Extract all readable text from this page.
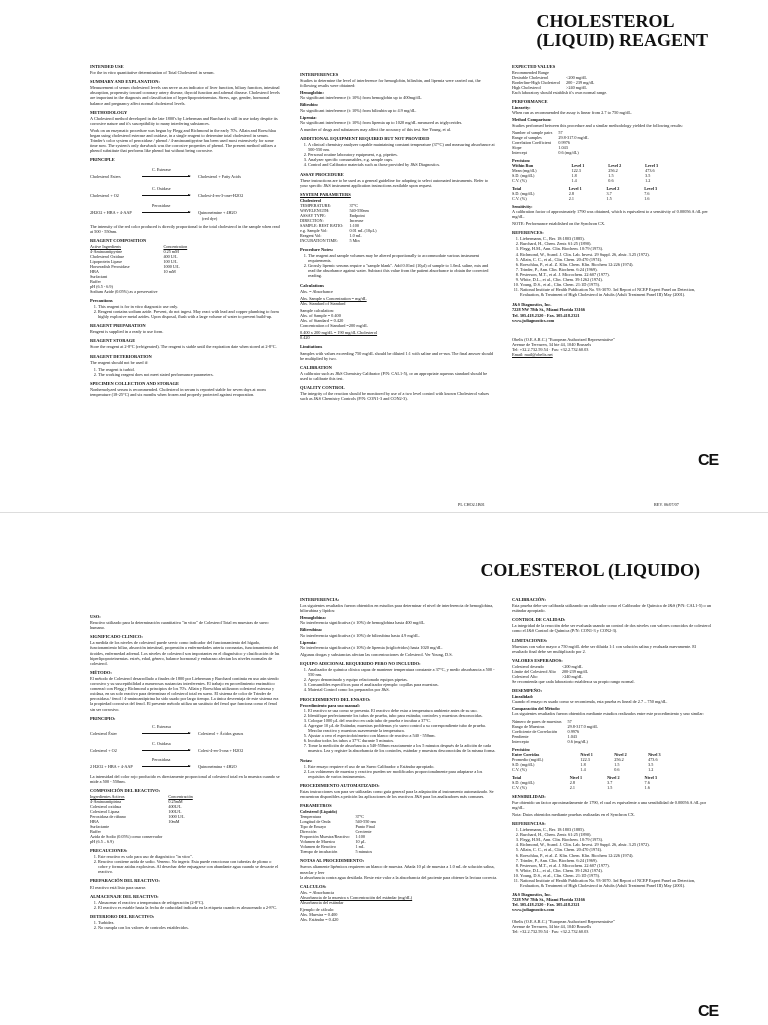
CHOLESTEROL
(LIQUID) REAGENT
INTENDED USE

For the in vitro quantitative determination of Total Cholesterol in serum.

SUMMARY AND EXPLANATION:

Measurement of serum cholesterol levels can serve as an indicator of liver function, biliary function, intestinal absorption, propensity toward coronary artery disease, thyroid function and adrenal disease. Cholesterol levels are important in the diagnosis and classification of hyperlipoproteinemias. Stress, age, gender, hormonal balance and pregnancy affect normal cholesterol levels.

METHODOLOGY

A Cholesterol method developed in the late 1800's by Lieberman and Burchard is still in use today despite its corrosive nature and it's susceptibility to many interfering substances.

Work on an enzymatic procedure was begun by Flegg and Richmond in the early 70's. Allain and Roeschlau began using cholesterol esterase and oxidase, in a single reagent to determine total cholesterol in serum. Trinder's color system of peroxidase / phenol / 4-aminoantipyrine has been used most extensively for some time now. The system's only drawback was the corrosive properties of phenol. The present method utilizes a phenol substitute that performs like phenol but without being corrosive.

PRINCIPLE
C. Esterase
Cholesterol Esters	Cholesterol + Fatty Acids
C. Oxidase
Cholesterol + O2	Cholest-4-en-3-one+H2O2
Peroxidase
2H2O2 + HBA + 4-AAP	Quinoneimine + 4H2O
(red dye)

The intensity of the red color produced is directly proportional to the total cholesterol in the sample when read at 500 - 550nm.

REAGENT COMPOSITION
Active Ingredients	Concentration
4-Aminoantipyrine	0.25 mM
Cholesterol Oxidase	400 U/L
Lipoprotein Lipase	100 U/L
Horseradish Peroxidase	1000 U/L
HBA	10 mM
Surfactant	
Buffer	
pH (6.5 - 6.9)	
Sodium Azide (0.05%) as a preservative	
Precautions
1. This reagent is for in vitro diagnostic use only.
2. Reagent contains sodium azide. Prevent, do not ingest. May react with lead and copper plumbing to form highly explosive metal azides. Upon disposal, flush with a large volume of water to prevent build-up.
REAGENT PREPARATION

Reagent is supplied in a ready to use form.

REAGENT STORAGE

Store the reagent at 2-8°C (refrigerated). The reagent is stable until the expiration date when stored at 2-8°C.

REAGENT DETERIORATION

The reagent should not be used if:

1. The reagent is turbid.
2. The working reagent does not meet stated performance parameters.
SPECIMEN COLLECTION AND STORAGE

Nonhemolyzed serum is recommended. Cholesterol in serum is reported stable for seven days at room temperature (18-25°C) and six months when frozen and properly protected against evaporation.

INTERFERENCES

Studies to determine the level of interference for hemoglobin, bilirubin, and lipemia were carried out, the following results were obtained:

Hemoglobin:

No significant interference (± 10%) from hemoglobin up to 400mg/dL.

Bilirubin:

No significant interference (± 10%) from bilirubin up to 4.9 mg/dL.

Lipemia:

No significant interference (± 10%) from lipemia up to 1020 mg/dL measured as triglycerides.

A number of drugs and substances may affect the accuracy of this test. See Young, et al.

ADDITIONAL EQUIPMENT REQUIRED BUT NOT PROVIDED
1. A clinical chemistry analyzer capable maintaining constant temperature (37°C) and measuring absorbance at 500-550 nm.
2. Personal routine laboratory equipment, e.g. pipettes.
3. Analyzer specific consumables, e.g. sample cups.
4. Control and Calibrator materials such as those provided by J&S Diagnostics.
ASSAY PROCEDURE

These instructions are to be used as a general guideline for adapting to select automated instruments. Refer to your specific J&S instrument application instructions available upon request.

SYSTEM PARAMETERS

Cholesterol

TEMPERATURE:	37°C
WAVELENGTH:	540-550nm
ASSAY TYPE:	Endpoint
DIRECTION:	Increase
SAMPLE: REST RATIO:	1:100
e.g. Sample Vol:	0.01 mL (10µL)
Reagent Vol:	1.0 mL
INCUBATION TIME:	5 Min
Procedure Notes:
1. The reagent and sample volumes may be altered proportionally to accommodate various instrument requirements.
2. Grossly lipemic serums require a "sample blank". Add 0.01ml (10µl) of sample to 1.0mL saline, mix and read the absorbance against water. Subtract this value from the patient absorbance to obtain the corrected reading.
Calculations

Abs. = Absorbance

Abs. Sample x Concentration = mg/dL

Abs. Standard of Standard

Sample calculation:

Abs. of Sample = 0.400

Abs. of Standard = 0.420

Concentration of Standard =200 mg/dL

0.400 x 200 mg/dL = 190 mg/dL Cholesterol

0.420

Limitations

Samples with values exceeding 750 mg/dL should be diluted 1:1 with saline and re-run. The final answer should be multiplied by two.

CALIBRATION

A calibrator such as J&S Chemistry Calibrator (P/N: CAL1-5), or an appropriate aqueous standard should be used to calibrate this test.

QUALITY CONTROL

The integrity of the reaction should be monitored by use of a two level control with known Cholesterol values such as J&S Chemistry Controls (P/N: CON1-3 and CON2-3).

EXPECTED VALUES
Recommended Range	
Desirable Cholesterol	<200 mg/dL
Borderline-High Cholesterol	200 - 239 mg/dL
High Cholesterol	>240 mg/dL

Each laboratory should establish it's own normal range.

PERFORMANCE

Linearity:

When run as recommended the assay is linear from 2.7 to 750 mg/dL.

Method Comparison:

Studies performed between this procedure and a similar methodology yielded the following results:

Number of sample pairs	57
Range of samples	29.8-317.0 mg/dL
Correlation Coefficient	0.9976
Slope	1.043
Intercept	0.6 (mg/dL)

Precision:

Within Run	Level 1	Level 2	Level 3
Mean (mg/dL)	122.3	256.2	473.6
S.D. (mg/dL)	1.8	1.5	3.5
C.V. (%)	1.4	0.6	1.2
Total	Level 1	Level 2	Level 3
S.D. (mg/dL)	2.8	3.7	7.6
C.V. (%)	2.1	1.5	1.6

Sensitivity:

A calibration factor of approximately 1790 was obtained, which is equivalent to a sensitivity of 0.00056 A /dL per mg/dL.

NOTE: Performance established on the Synchron CX.

REFERENCES:
1. Liebermann, C., Ber. 18:1803 (1885).
2. Burchard, H., Chem. Zentr. 61:25 (1890).
3. Flegg, H.M., Ann. Clin. Biochem. 10:79 (1973).
4. Richmond, W., Scand. J. Clin. Lab. Invest. 29 Suppl. 26, abstr. 3.25 (1972).
5. Allain, C. C., et al., Clin. Chem. 20:470 (1974).
6. Roeschlau, P., et al. Z. Klin. Chem. Klin. Biochem 12:226 (1974).
7. Trinder, P., Ann. Clin. Biochem. 6:24 (1969).
8. Pesterson, M.T., et al. J. Microchem. 22:607 (1977).
9. White, D.L., et al., Clin. Chem. 39:1262 (1974).
10. Young, D.S., et al., Clin. Chem. 21:1D (1975).
11. National Institute of Health Publication No. 93-3070. 3rd Report of NCEP Expert Panel on Detection, Evaluation, & Treatment of High Cholesterol in Adults (Adult Treatment Panel III) May (2001).
J&S Diagnostics, Inc.
7228 NW 78th St., Miami Florida 33166
Tel. 305.418.2320 · Fax. 305.418.2321
www.jsdiagnostics.com
Obelis (O.E.A.R.C.) "European Authorized Representative"
Avenue de Tervuren, 34 bte 44, 1040 Brussels
Tel: +32.2.732.59.54 · Fax: +32.2.732.60.03
Email: mail@obelis.net
CE
PL CHO2.1B01	REV. 06/07/07
COLESTEROL (LIQUIDO)
USO:

Reactivo utilizado para la determinación cuantitativa "in vitro" de Colesterol Total en muestras de suero humano.

SIGNIFICADO CLINICO:

La medida de los niveles de colesterol puede servir como indicador del funcionamiento del hígado, funcionamiento biliar, absorción intestinal, propensión a enfermedades arteria coronarias, funcionamiento del tiroides, enfermedad adrenal. Los niveles de colesterol son importantes en el diagnóstico y clasificación de las hiperlipoproteinemias. estrés, edad, género, balance hormonal y embarazo afectan los niveles normales de colesterol.

MÉTODO:

El método de Colesterol desarrollado a finales de 1800 por Lieberman y Burchard continúa en uso aún siendo corrosivo y su susceptibilidad a numerosas sustancias interferentes. El trabajo en procedimiento enzimático comenzó con Flegg y Richmond a principios de los 70's. Allain y Roeschlau utilizaron colesterol esterasa y oxidasa, en un solo reactivo para determinar el colesterol total en suero. El sistema de color de Trinder de peroxidasa / fenol / 4-aminoantipirina ha sido usado por largo tiempo. La única desventaja de este sistema era la propiedad corrosiva del fenol. El presente método utiliza un sustituto del fenol que funciona como el fenol sin ser corrosivo.

PRINCIPIO:
C. Esterasa
Colesterol Éster	Colesterol + Ácidos grasos
C. Oxidasa
Colesterol + O2	Colest-4-en-3-ona + H2O2
Peroxidasa
2 H2O2 + HBA + 4-AAP	Quinoneimina + 4H2O

La intensidad del color rojo producido es directamente proporcional al colesterol total en la muestra cuando se mide a 500 - 550nm.

COMPOSICIÓN DEL REACTIVO:
Ingredientes Activos	Concentración
4-Aminoantipirina	0.25mM
Colesterol oxidasa	400U/L
Colesterol Lipasa	100U/L
Peroxidasa de rábano	1000 U/L
HBA	10mM
Surfactante	
Buffer	
Azida de Sodio (0.05%) como conservador	
pH (6.5 – 6.9)	
PRECAUCIONES:
1. Este reactivo es solo para uso de diagnóstico "in vitro".
2. Reactivo contiene azida de sodio. Veneno. No ingerir. Esta puede reaccionar con tuberías de plomo o cobre y formar azidas explosivas. Al desechar debe enjuagarse con abundante agua cuando se descarte el reactivo.
PREPARACIÓN DEL REACTIVO:

El reactivo está listo para usarse.

ALMACENAJE DEL REACTIVO:
1. Almacenar el reactivo a temperatura de refrigeración (2-8°C).
2. El reactivo es estable hasta la fecha de caducidad indicada en la etiqueta cuando es almacenado a 2-8°C.
DETERIORO DEL REACTIVO:
1. Turbidez.
2. No cumpla con los valores de controles establecidos.
INTERFERENCIA:

Los siguientes resultados fueron obtenidos en estudios para determinar el nivel de interferencia de hemoglobina, bilirrubina y lípidos:

Hemoglobina:

No interferencia significativa (± 10%) de hemoglobina hasta 400 mg/dL.

Bilirrubina:

No interferencia significativa (± 10%) de bilirrubina hasta 4.9 mg/dL.

Lipemia:

No interferencia significativa (± 10%) de lipemia (triglicéridos) hasta 1020 mg/dL.

Algunas drogas y substancias afectan las concentraciones de Colesterol. Ver Young, D.S.

EQUIPO ADICIONAL REQUERIDO PERO NO INCLUIDO:
1. Analizador de química clínica capaz de mantener temperatura constante a 37°C, y medir absorbancia a 500 - 550 nm.
2. Apoyo denominado y equipo relacionado equipos pipetas.
3. Consumibles específicos para el analizador ejemplo: copillas para muestras.
4. Material Control como los preparados por J&S.
PROCEDIMIENTO DEL ENSAYO:

Procedimiento para uso manual:

1. El reactivo se usa como se presenta. El reactivo debe estar a temperatura ambiente antes de su uso.
2. Identifique perfectamente los tubos de prueba, tubo para estándar, controles y muestras desconocidas.
3. Coloque 1000 µL del reactivo en cada tubo de prueba e incubar a 37°C.
4. Agregue 10 µL de Estándar, muestras problemas y/o suero control a su correspondiente tubo de prueba. Mezclar reactivo y muestras suavemente la temperatura.
5. Ajustar a cero el espectrofotómetro con blanco de reactivo a 540 - 550nm.
6. Incubar todos los tubos a 37°C durante 5 minutos.
7. Tome la medición de absorbancia a 540-550nm exactamente a los 5 minutos después de la adición de cada muestra. Lea y registre la absorbancia de los controles, estándar y muestras desconocidas de la misma forma.
Notas:
1. Este ensayo requiere el uso de un Suero Calibrador o Estándar apropiado.
2. Los volúmenes de muestra y reactivo pueden ser modificados proporcionalmente para adaptarse a los requisitos de varios instrumentos.
PROCEDIMIENTO AUTOMATIZADO:

Estas instrucciones son para ser utilizadas como guía general para la adaptación al instrumento automatizado. Se encuentran disponibles a petición las aplicaciones de los reactivos J&S para los analizadores más comunes.

PARAMETROS

Colesterol (Liquido)

Temperatura	37°C
Longitud de Onda	540-550 nm
Tipo de Ensayo	Punto Final
Dirección	Creciente
Proporción Muestra/Reactivo	1:100
Volumen de Muestra	10 µL
Volumen de Reactivo	1 mL
Tiempo de incubación	5 minutos
NOTAS AL PROCEDIMIENTO:

Sueros altamente lipémicos requieren un blanco de muestra. Añada 10 µl de muestra a 1.0 mL de solución salina, mezclar y leer

la absorbancia contra agua destilada. Reste este valor a la absorbancia del paciente para obtener la lectura correcta.

CALCULOS:

Abs. = Absorbancia

Absorbancia de la muestra x Concentración del estándar (mg/dL)

Absorbancia del estándar

Ejemplo de cálculo:

Abs. Muestra = 0.400

Abs. Estándar = 0.420

CALIBRACIÓN:

Esta prueba debe ser calibrada utilizando un calibrador como el Calibrador de Química de J&S (P/N: CAL1-5) o un estándar apropiado.

CONTROL DE CALIDAD:

La integridad de la reacción debe ser evaluada usando un control de dos niveles con valores conocidos de colesterol como el J&S Control de Química (P/N: CON1-3 y CON2-3).

LIMITACIONES:

Muestras con valor mayor a 750 mg/dL debe ser diluida 1:1 con solución salina y evaluada nuevamente. El resultado final debe ser multiplicado por 2.

VALORES ESPERADOS:
Colesterol deseado	<200 mg/dL
Límite del Colesterol Alto	200-239 mg/dL
Colesterol Alto	>240 mg/dL

Se recomienda que cada laboratorio establezca su propio rango normal.

DESEMPEÑO:

Linealidad:

Cuando el ensayo es usado como se recomienda, esta prueba es lineal de 2.7 – 750 mg/dL.

Comparación del Método:

Los siguientes resultados fueron obtenidos mediante estudios realizados entre este procedimiento y uno similar:

Número de pares de muestras	57
Rango de Muestras	29.8-317.0 mg/dL
Coeficiente de Correlación	0.9976
Pendiente	1.043
Intercepto	0.6 (mg/dL)

Precisión:

Entre Corridas	Nivel 1	Nivel 2	Nivel 3
Promedio (mg/dL)	122.3	256.2	473.6
S.D. (mg/dL)	1.8	1.5	3.5
C.V. (%)	1.4	0.6	1.2
Total	Nivel 1	Nivel 2	Nivel 3
S.D. (mg/dL)	2.8	3.7	7.6
C.V. (%)	2.1	1.5	1.6
SENSIBILIDAD:

Fue obtenido un factor aproximadamente de 1790, el cual es equivalente a una sensibilidad de 0.00056 A /dL por mg/dL.

Nota: Datos obtenidos mediante pruebas realizadas en el Synchron CX.

REFERENCIAS:
1. Liebermann, C., Ber. 18:1803 (1885).
2. Burchard, H., Chem. Zentr. 61:25 (1890).
3. Flegg, H.M., Ann. Clin. Biochem. 10:79 (1973).
4. Richmond, W., Scand. J. Clin. Lab. Invest. 29 Suppl. 26, abstr. 3.25 (1972).
5. Allain, C. C., et al., Clin. Chem. 20:470 (1974).
6. Roeschlau, P., et al. Z. Klin. Chem. Klin. Biochem 12:226 (1974).
7. Trinder, P., Ann. Clin. Biochem. 6:24 (1969).
8. Pesterson, M.T., et al. J. Microchem. 22:607 (1977).
9. White, D.L., et al., Clin. Chem. 39:1262 (1974).
10. Young, D.S., et al., Clin. Chem. 21:1D (1975).
11. National Institute of Health Publication No. 93-3070. 3rd Report of NCEP Expert Panel on Detection, Evaluation, & Treatment of High Cholesterol in Adults (Adult Treatment Panel III) May (2001).
J&S Diagnostics, Inc.
7228 NW 78th St., Miami Florida 33166
Tel. 305.418.2320 · Fax. 305.418.2321
www.jsdiagnostics.com
Obelis (O.E.A.R.C.) "European Authorized Representative"
Avenue de Tervuren, 34 bte 44, 1040 Bruxells
Tel: +32.2.732.59.54 · Fax: +32.2.732.60.03
CE
